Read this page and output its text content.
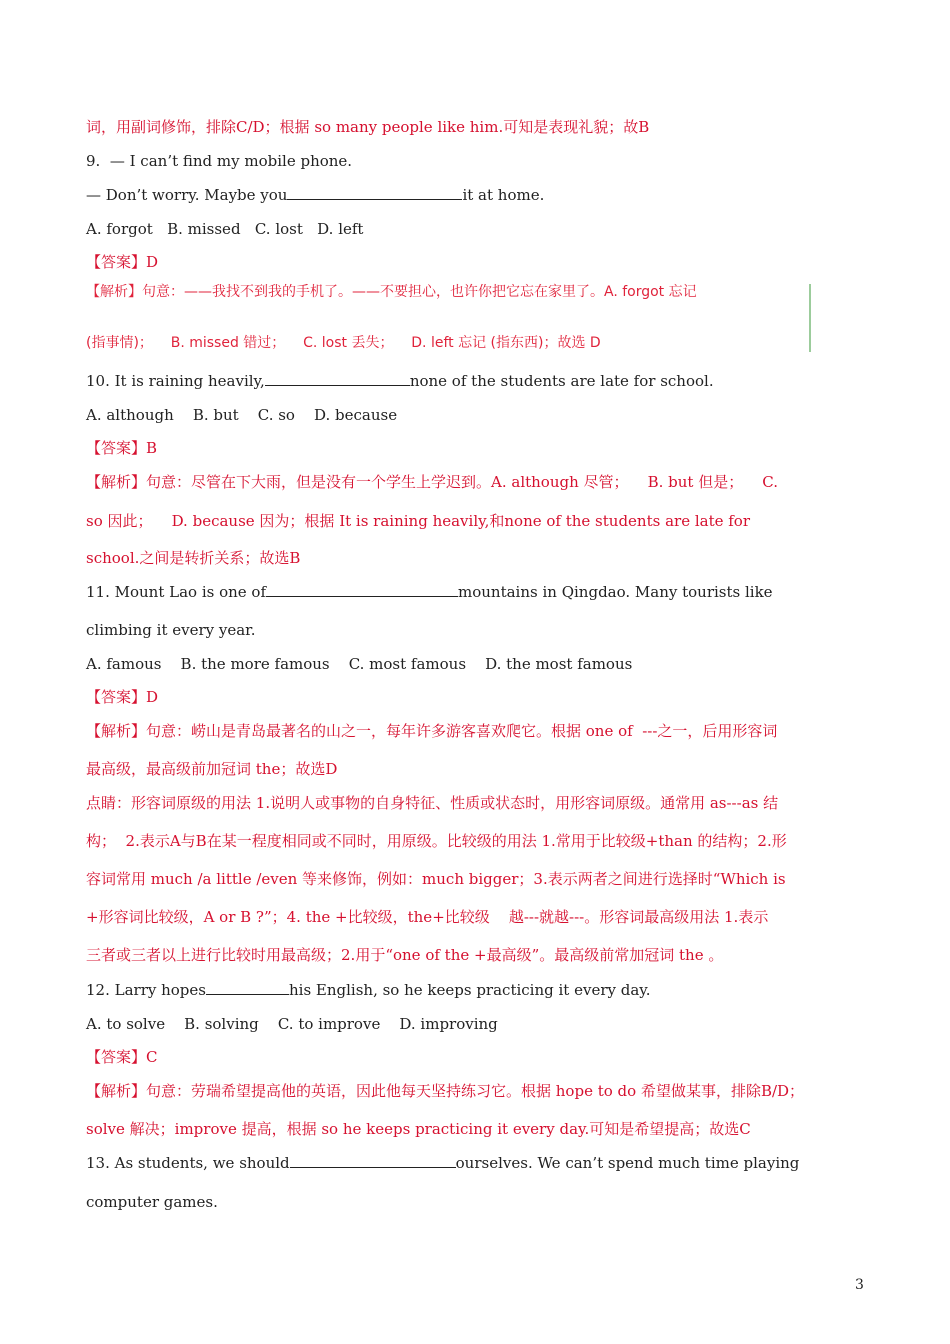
词，用副词修饰，排除C/D；根据 so many people like him.可知是表现礼貌；故B
9.  — I can’t find my mobile phone.
— Don’t worry. Maybe you	it at home.
A. forgot   B. missed   C. lost   D. left
【答案】D
【解析】句意：——我找不到我的手机了。——不要担心，也许你把它忘在家里了。A. forgot 忘记
(指事情)；    B. missed 错过；    C. lost 丢失；    D. left 忘记 (指东西)；故选 D
10. It is raining heavily,	none of the students are late for school.
A. although    B. but    C. so    D. because
【答案】B
【解析】句意：尽管在下大雨，但是没有一个学生上学迟到。A. although 尽管；    B. but 但是；    C.
so 因此；    D. because 因为；根据 It is raining heavily,和none of the students are late for
school.之间是转折关系；故选B
11. Mount Lao is one of	mountains in Qingdao. Many tourists like
climbing it every year.
A. famous    B. the more famous    C. most famous    D. the most famous
【答案】D
【解析】句意：崂山是青岛最著名的山之一，每年许多游客喜欢爬它。根据 one of  ---之一，后用形容词
最高级，最高级前加冠词 the；故选D
点睛：形容词原级的用法 1.说明人或事物的自身特征、性质或状态时，用形容词原级。通常用 as---as 结
构；  2.表示A与B在某一程度相同或不同时，用原级。比较级的用法 1.常用于比较级+than 的结构；2.形
容词常用 much /a little /even 等来修饰，例如：much bigger；3.表示两者之间进行选择时“Which is
+形容词比较级，A or B ?”；4. the +比较级，the+比较级    越---就越---。形容词最高级用法 1.表示
三者或三者以上进行比较时用最高级；2.用于“one of the +最高级”。最高级前常加冠词 the 。
12. Larry hopes	his English, so he keeps practicing it every day.
A. to solve    B. solving    C. to improve    D. improving
【答案】C
【解析】句意：劳瑞希望提高他的英语，因此他每天坚持练习它。根据 hope to do 希望做某事，排除B/D；
solve 解决；improve 提高，根据 so he keeps practicing it every day.可知是希望提高；故选C
13. As students, we should	ourselves. We can’t spend much time playing
computer games.
3
